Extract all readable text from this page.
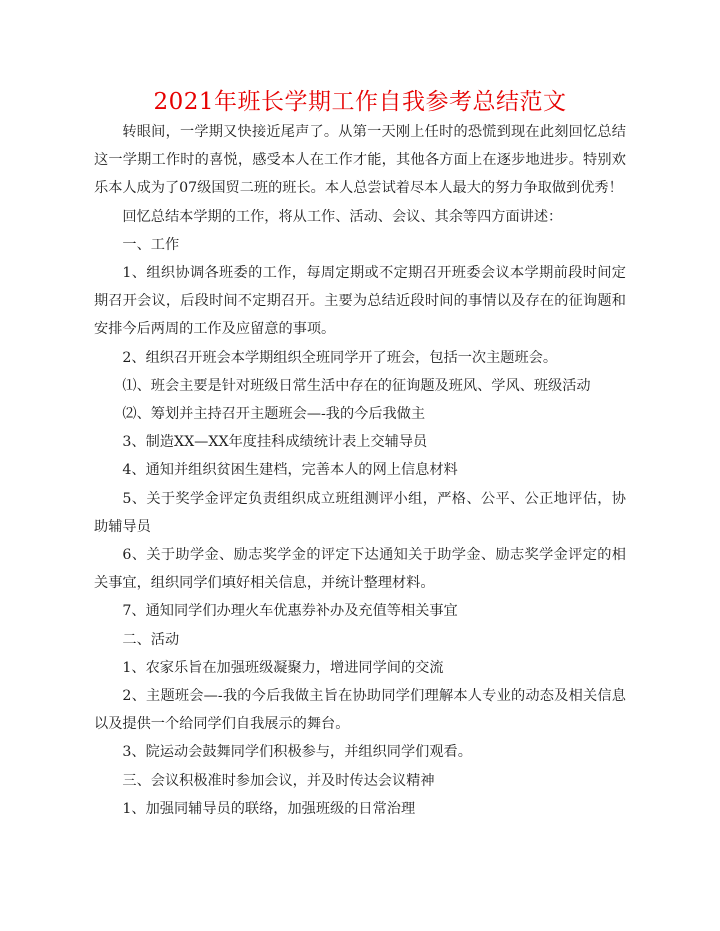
2021年班长学期工作自我参考总结范文

转眼间，一学期又快接近尾声了。从第一天刚上任时的恐慌到现在此刻回忆总结这一学期工作时的喜悦，感受本人在工作才能，其他各方面上在逐步地进步。特别欢乐本人成为了07级国贸二班的班长。本人总尝试着尽本人最大的努力争取做到优秀！

回忆总结本学期的工作，将从工作、活动、会议、其余等四方面讲述：

一、工作

1、组织协调各班委的工作，每周定期或不定期召开班委会议本学期前段时间定期召开会议，后段时间不定期召开。主要为总结近段时间的事情以及存在的征询题和安排今后两周的工作及应留意的事项。

2、组织召开班会本学期组织全班同学开了班会，包括一次主题班会。

⑴、班会主要是针对班级日常生活中存在的征询题及班风、学风、班级活动

⑵、筹划并主持召开主题班会—-我的今后我做主

3、制造XX—XX年度挂科成绩统计表上交辅导员

4、通知并组织贫困生建档，完善本人的网上信息材料

5、关于奖学金评定负责组织成立班组测评小组，严格、公平、公正地评估，协助辅导员

6、关于助学金、励志奖学金的评定下达通知关于助学金、励志奖学金评定的相关事宜，组织同学们填好相关信息，并统计整理材料。

7、通知同学们办理火车优惠券补办及充值等相关事宜

二、活动

1、农家乐旨在加强班级凝聚力，增进同学间的交流

2、主题班会—-我的今后我做主旨在协助同学们理解本人专业的动态及相关信息以及提供一个给同学们自我展示的舞台。

3、院运动会鼓舞同学们积极参与，并组织同学们观看。

三、会议积极准时参加会议，并及时传达会议精神

1、加强同辅导员的联络，加强班级的日常治理
